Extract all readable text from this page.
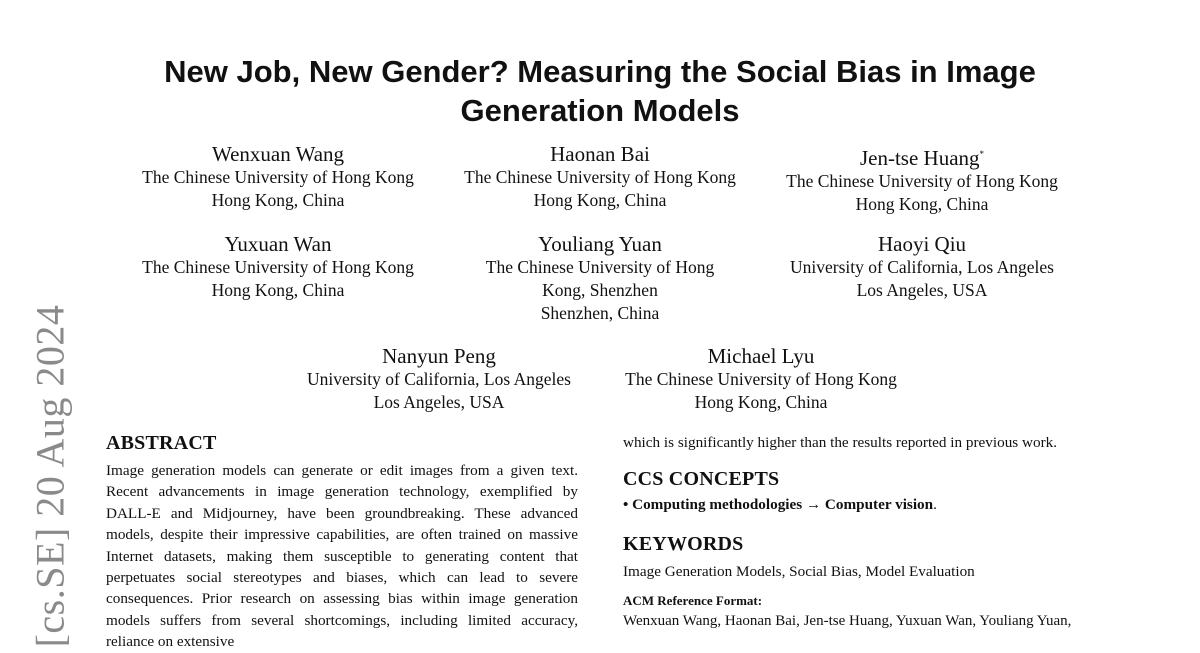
[cs.SE] 20 Aug 2024
New Job, New Gender? Measuring the Social Bias in Image Generation Models
Wenxuan Wang
The Chinese University of Hong Kong
Hong Kong, China
Haonan Bai
The Chinese University of Hong Kong
Hong Kong, China
Jen-tse Huang*
The Chinese University of Hong Kong
Hong Kong, China
Yuxuan Wan
The Chinese University of Hong Kong
Hong Kong, China
Youliang Yuan
The Chinese University of Hong Kong, Shenzhen
Shenzhen, China
Haoyi Qiu
University of California, Los Angeles
Los Angeles, USA
Nanyun Peng
University of California, Los Angeles
Los Angeles, USA
Michael Lyu
The Chinese University of Hong Kong
Hong Kong, China
ABSTRACT

Image generation models can generate or edit images from a given text. Recent advancements in image generation technology, exemplified by DALL-E and Midjourney, have been groundbreaking. These advanced models, despite their impressive capabilities, are often trained on massive Internet datasets, making them susceptible to generating content that perpetuates social stereotypes and biases, which can lead to severe consequences. Prior research on assessing bias within image generation models suffers from several shortcomings, including limited accuracy, reliance on extensive

which is significantly higher than the results reported in previous work.

CCS CONCEPTS

• Computing methodologies → Computer vision.

KEYWORDS

Image Generation Models, Social Bias, Model Evaluation

ACM Reference Format:

Wenxuan Wang, Haonan Bai, Jen-tse Huang, Yuxuan Wan, Youliang Yuan,
